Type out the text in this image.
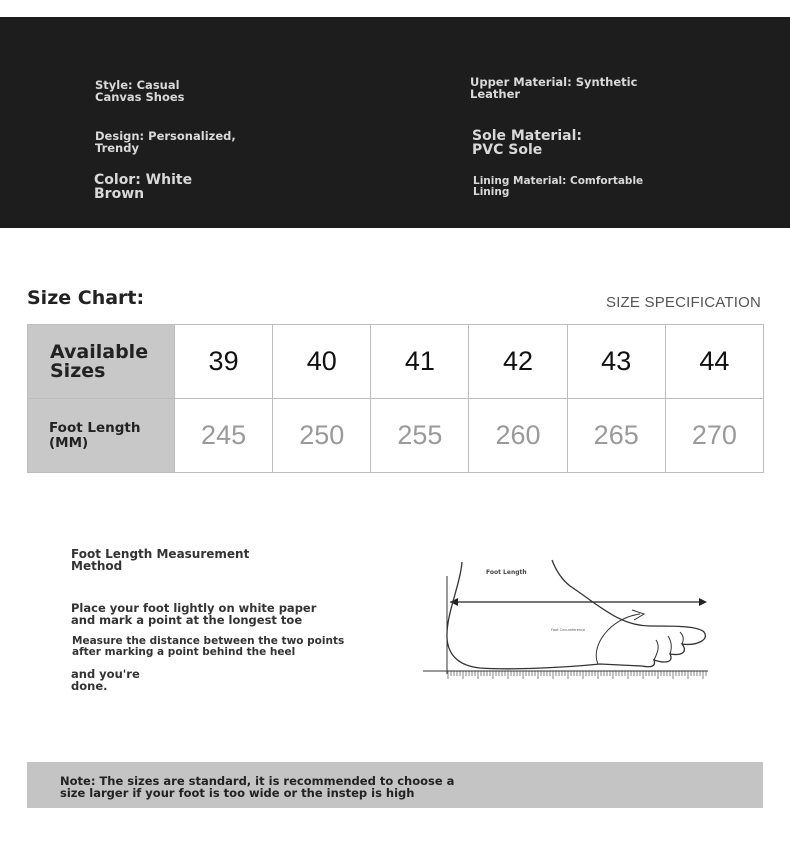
Style: Casual
Canvas Shoes
Design: Personalized,
Trendy
Color: White
Brown
Upper Material: Synthetic
Leather
Sole Material:
PVC Sole
Lining Material: Comfortable
Lining
Size Chart:	SIZE SPECIFICATION
Available
Sizes	39	40	41	42	43	44

Foot Length
(MM)	245	250	255	260	265	270
Foot Length Measurement
Method
Place your foot lightly on white paper
and mark a point at the longest toe
Measure the distance between the two points
after marking a point behind the heel
and you're
done.
Foot Length
Foot Circumference
Note: The sizes are standard, it is recommended to choose a
size larger if your foot is too wide or the instep is high
